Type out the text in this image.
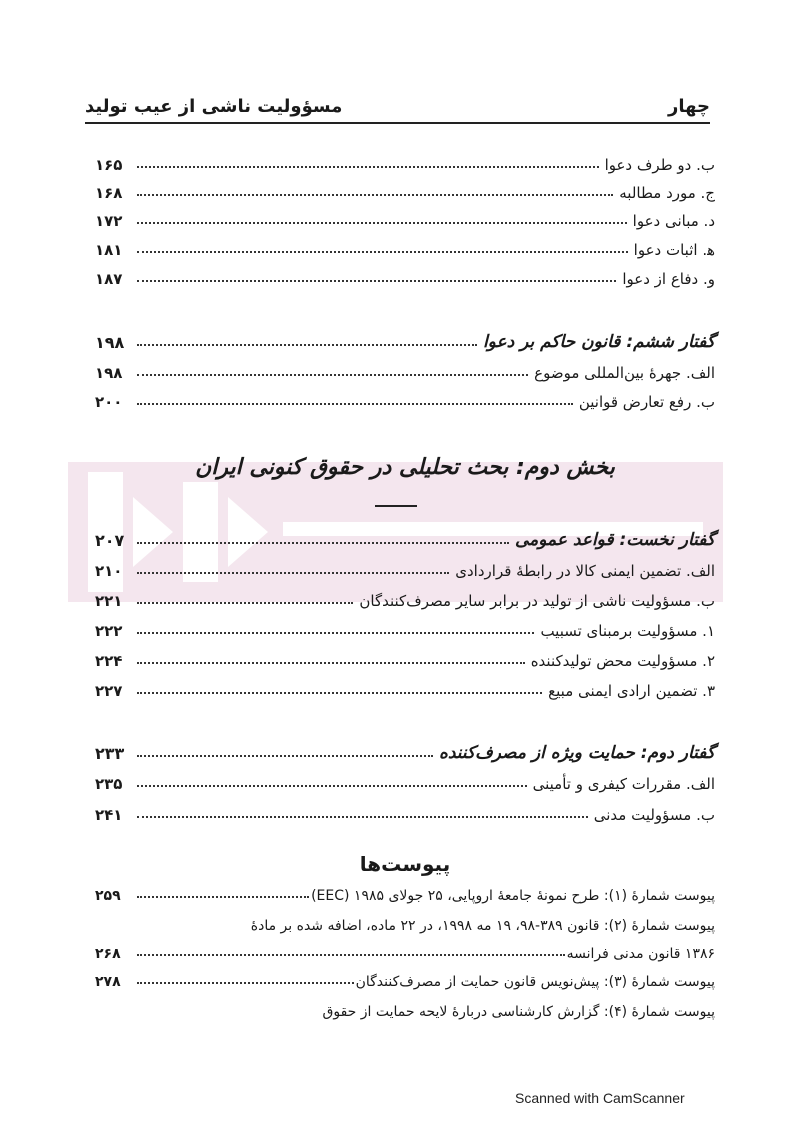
چهار
مسؤولیت ناشی از عیب تولید
ب. دو طرف دعوا
۱۶۵
ج. مورد مطالبه
۱۶۸
د. مبانی دعوا
۱۷۲
ﻫ. اثبات دعوا
۱۸۱
و. دفاع از دعوا
۱۸۷
گفتار ششم: قانون حاکم بر دعوا
۱۹۸
الف. جهرهٔ بین‌المللی موضوع
۱۹۸
ب. رفع تعارض قوانین
۲۰۰
بخش دوم: بحث تحلیلی در حقوق کنونی ایران
گفتار نخست: قواعد عمومی
۲۰۷
الف. تضمین ایمنی کالا در رابطهٔ قراردادی
۲۱۰
ب. مسؤولیت ناشی از تولید در برابر سایر مصرف‌کنندگان
۲۲۱
۱. مسؤولیت برمبنای تسبیب
۲۲۲
۲. مسؤولیت محض تولیدکننده
۲۲۴
۳. تضمین ارادی ایمنی مبیع
۲۲۷
گفتار دوم: حمایت ویژه از مصرف‌کننده
۲۳۳
الف. مقررات کیفری و تأمینی
۲۳۵
ب. مسؤولیت مدنی
۲۴۱
پیوست‌ها
پیوست شمارهٔ (۱): طرح نمونهٔ جامعهٔ اروپایی، ۲۵ جولای ۱۹۸۵ (EEC)
۲۵۹
پیوست شمارهٔ (۲): قانون ۳۸۹-۹۸، ۱۹ مه ۱۹۹۸، در ۲۲ ماده، اضافه شده بر مادهٔ
۱۳۸۶ قانون مدنی فرانسه
۲۶۸
پیوست شمارهٔ (۳): پیش‌نویس قانون حمایت از مصرف‌کنندگان
۲۷۸
پیوست شمارهٔ (۴): گزارش کارشناسی دربارهٔ لایحه حمایت از حقوق
Scanned with CamScanner
